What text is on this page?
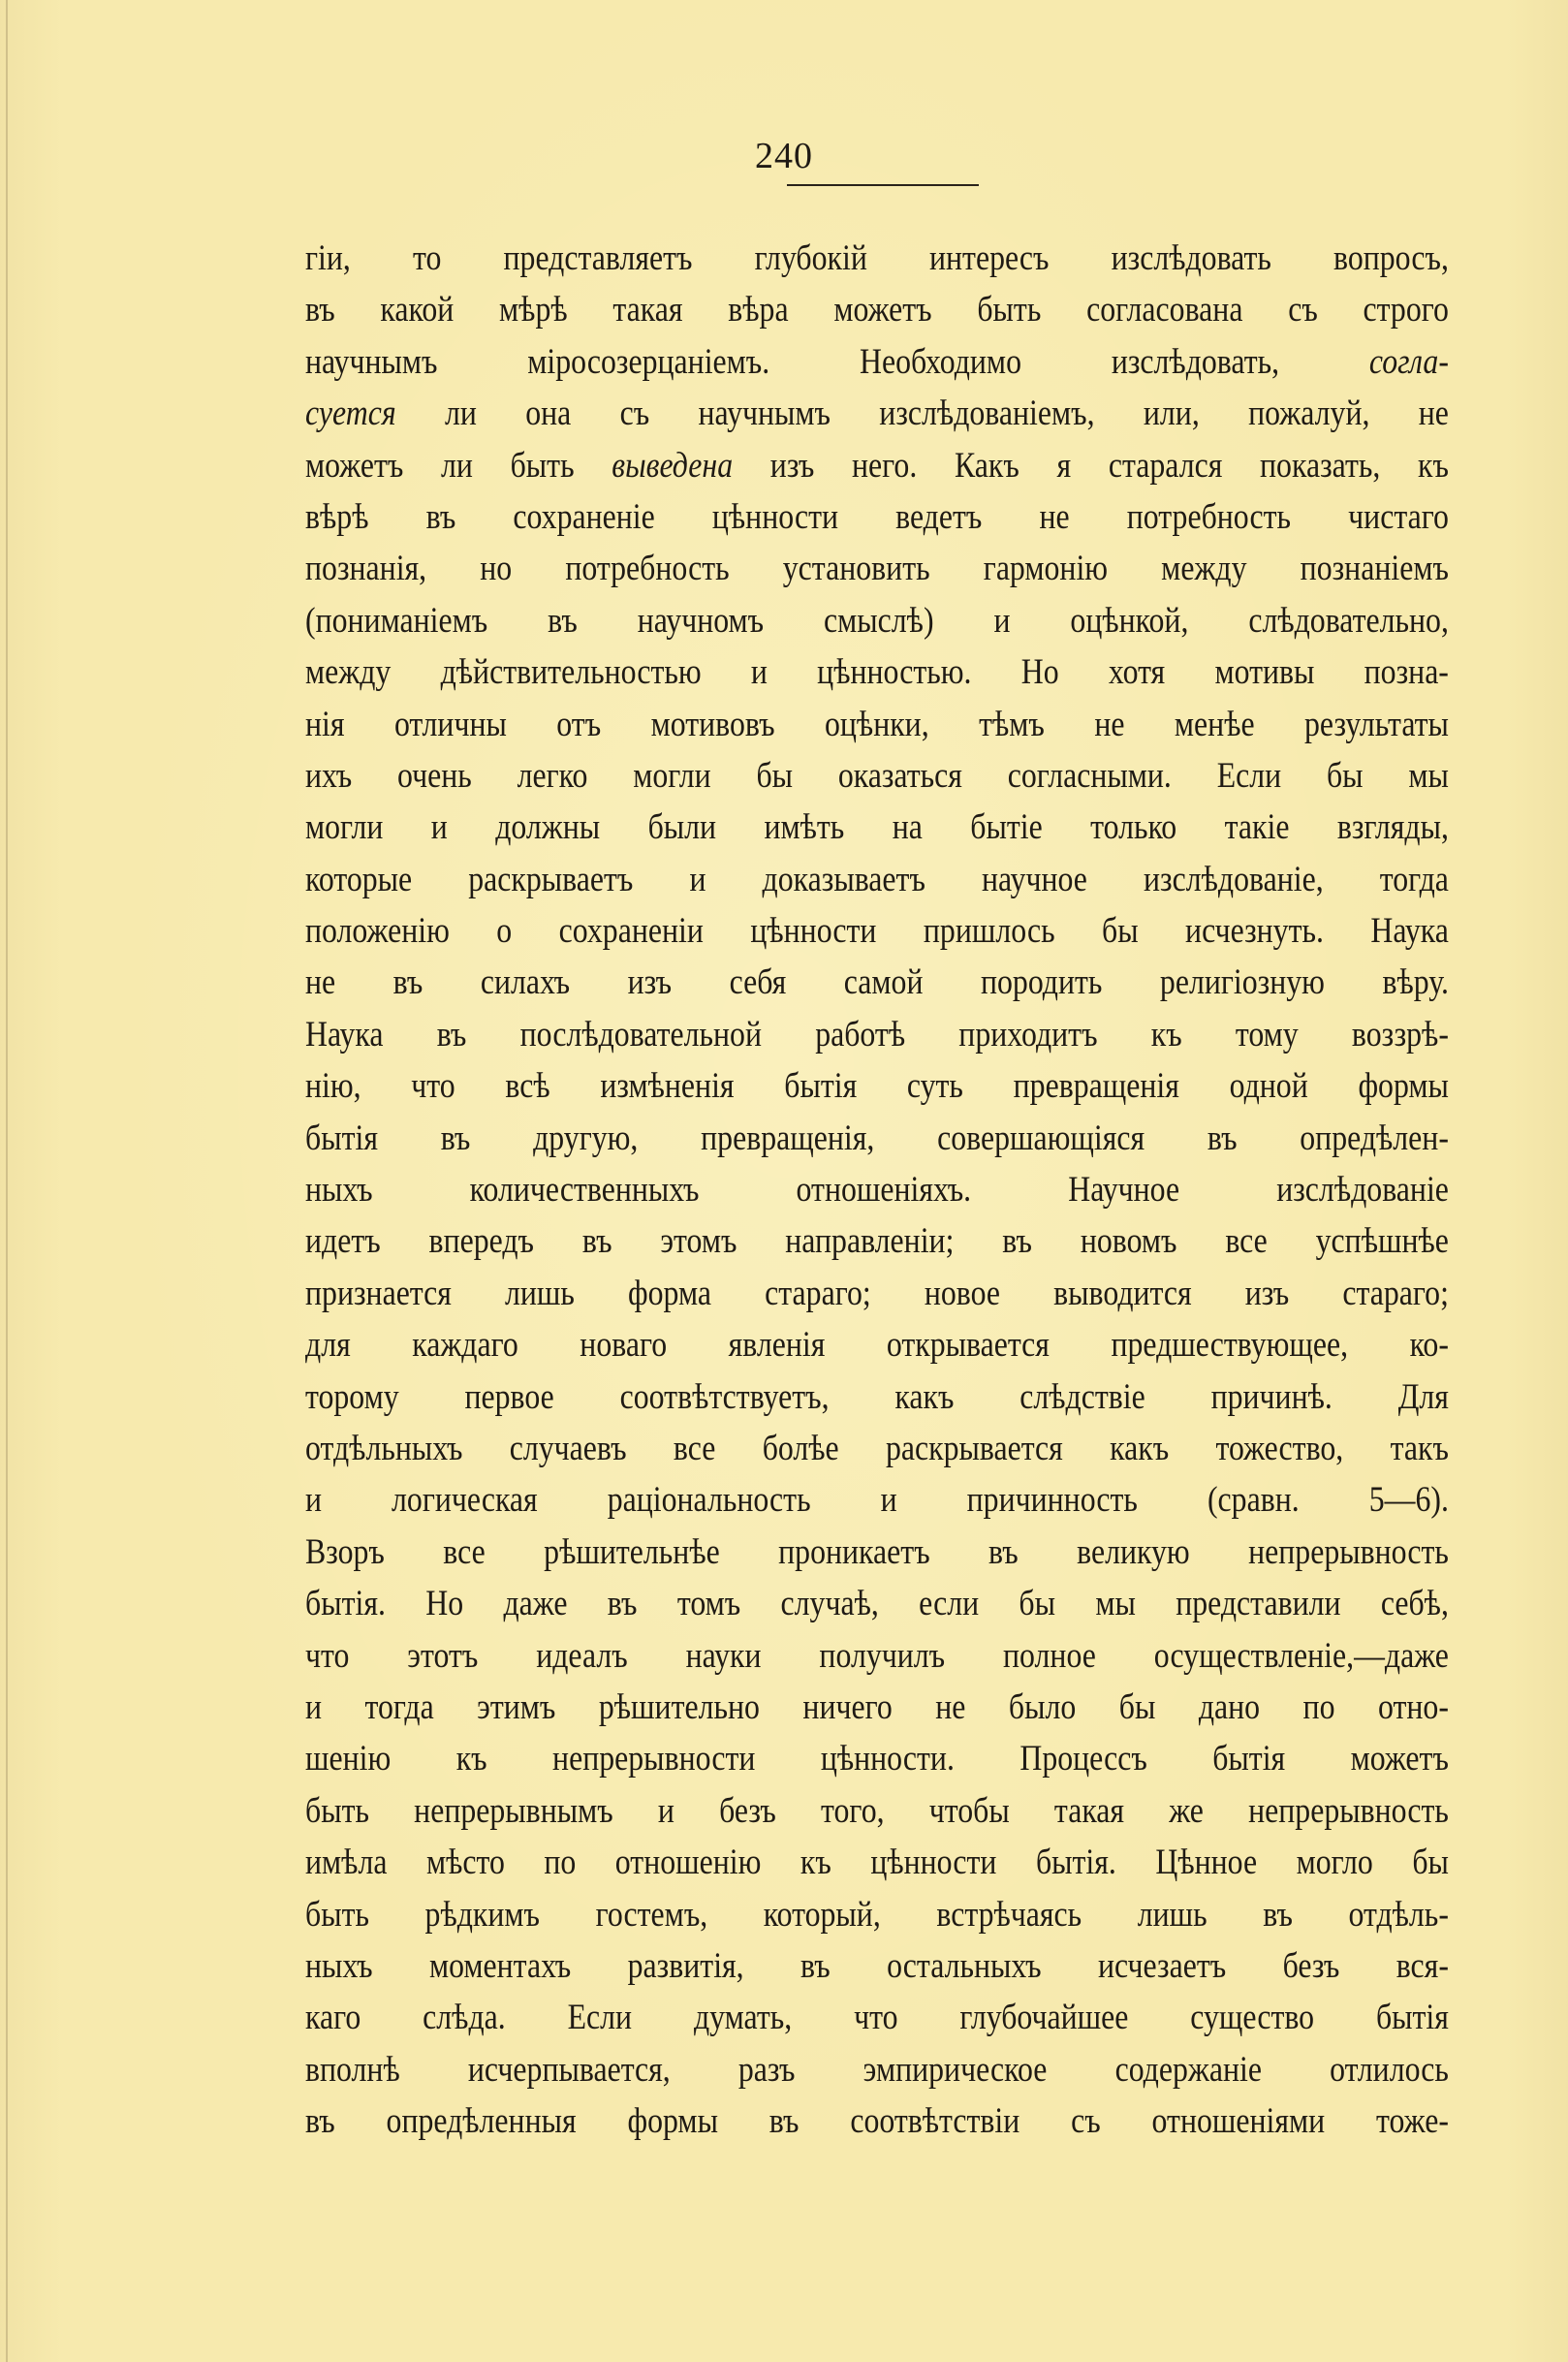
240
гіи, то представляетъ глубокій интересъ изслѣдовать вопросъ,
въ какой мѣрѣ такая вѣра можетъ быть согласована съ строго
научнымъ міросозерцаніемъ. Необходимо изслѣдовать, согла-
суется ли она съ научнымъ изслѣдованіемъ, или, пожалуй, не
можетъ ли быть выведена изъ него. Какъ я старался показать, къ
вѣрѣ въ сохраненіе цѣнности ведетъ не потребность чистаго
познанія, но потребность установить гармонію между познаніемъ
(пониманіемъ въ научномъ смыслѣ) и оцѣнкой, слѣдовательно,
между дѣйствительностью и цѣнностью. Но хотя мотивы позна-
нія отличны отъ мотивовъ оцѣнки, тѣмъ не менѣе результаты
ихъ очень легко могли бы оказаться согласными. Если бы мы
могли и должны были имѣть на бытіе только такіе взгляды,
которые раскрываетъ и доказываетъ научное изслѣдованіе, тогда
положенію о сохраненіи цѣнности пришлось бы исчезнуть. Наука
не въ силахъ изъ себя самой породить религіозную вѣру.
Наука въ послѣдовательной работѣ приходитъ къ тому воззрѣ-
нію, что всѣ измѣненія бытія суть превращенія одной формы
бытія въ другую, превращенія, совершающіяся въ опредѣлен-
ныхъ количественныхъ отношеніяхъ. Научное изслѣдованіе
идетъ впередъ въ этомъ направленіи; въ новомъ все успѣшнѣе
признается лишь форма стараго; новое выводится изъ стараго;
для каждаго новаго явленія открывается предшествующее, ко-
торому первое соотвѣтствуетъ, какъ слѣдствіе причинѣ. Для
отдѣльныхъ случаевъ все болѣе раскрывается какъ тожество, такъ
и логическая раціональность и причинность (сравн. 5—6).
Взоръ все рѣшительнѣе проникаетъ въ великую непрерывность
бытія. Но даже въ томъ случаѣ, если бы мы представили себѣ,
что этотъ идеалъ науки получилъ полное осуществленіе,—даже
и тогда этимъ рѣшительно ничего не было бы дано по отно-
шенію къ непрерывности цѣнности. Процессъ бытія можетъ
быть непрерывнымъ и безъ того, чтобы такая же непрерывность
имѣла мѣсто по отношенію къ цѣнности бытія. Цѣнное могло бы
быть рѣдкимъ гостемъ, который, встрѣчаясь лишь въ отдѣль-
ныхъ моментахъ развитія, въ остальныхъ исчезаетъ безъ вся-
каго слѣда. Если думать, что глубочайшее существо бытія
вполнѣ исчерпывается, разъ эмпирическое содержаніе отлилось
въ опредѣленныя формы въ соотвѣтствіи съ отношеніями тоже-
